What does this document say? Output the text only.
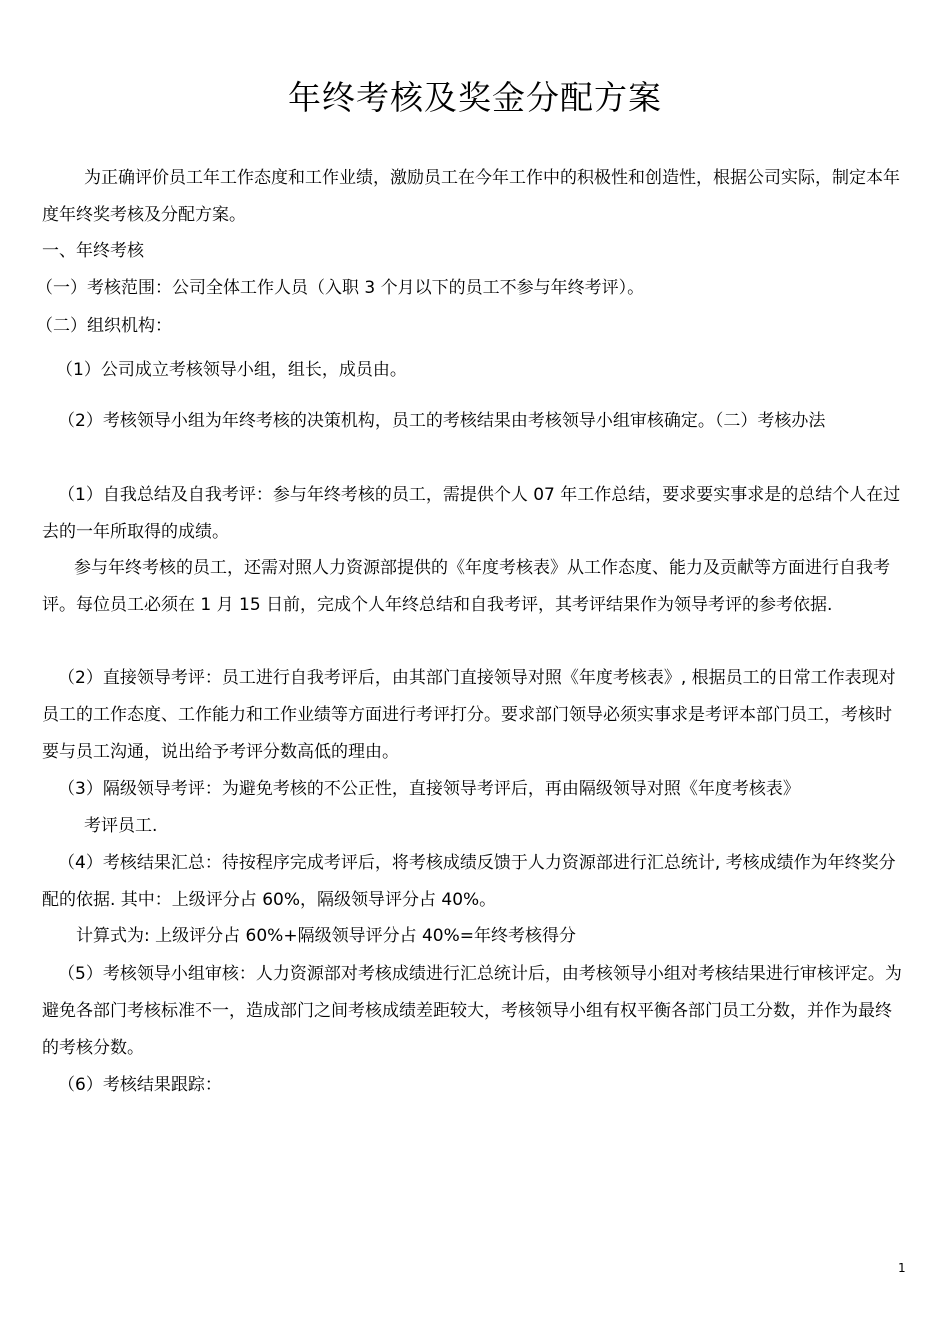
年终考核及奖金分配方案

为正确评价员工年工作态度和工作业绩，激励员工在今年工作中的积极性和创造性，根据公司实际，制定本年度年终奖考核及分配方案。

一、年终考核

（一）考核范围：公司全体工作人员（入职 3 个月以下的员工不参与年终考评）。

（二）组织机构：

（1）公司成立考核领导小组，组长，成员由。

（2）考核领导小组为年终考核的决策机构，员工的考核结果由考核领导小组审核确定。（二）考核办法

（1）自我总结及自我考评：参与年终考核的员工，需提供个人 07 年工作总结，要求要实事求是的总结个人在过去的一年所取得的成绩。

参与年终考核的员工，还需对照人力资源部提供的《年度考核表》从工作态度、能力及贡献等方面进行自我考评。每位员工必须在 1 月 15 日前，完成个人年终总结和自我考评，其考评结果作为领导考评的参考依据.

（2）直接领导考评：员工进行自我考评后，由其部门直接领导对照《年度考核表》, 根据员工的日常工作表现对员工的工作态度、工作能力和工作业绩等方面进行考评打分。要求部门领导必须实事求是考评本部门员工，考核时要与员工沟通，说出给予考评分数高低的理由。

（3）隔级领导考评：为避免考核的不公正性，直接领导考评后，再由隔级领导对照《年度考核表》

考评员工.

（4）考核结果汇总：待按程序完成考评后，将考核成绩反馈于人力资源部进行汇总统计, 考核成绩作为年终奖分配的依据. 其中：上级评分占 60%，隔级领导评分占 40%。

计算式为: 上级评分占 60%+隔级领导评分占 40%=年终考核得分

（5）考核领导小组审核：人力资源部对考核成绩进行汇总统计后，由考核领导小组对考核结果进行审核评定。为避免各部门考核标准不一，造成部门之间考核成绩差距较大，考核领导小组有权平衡各部门员工分数，并作为最终的考核分数。

（6）考核结果跟踪：

1
